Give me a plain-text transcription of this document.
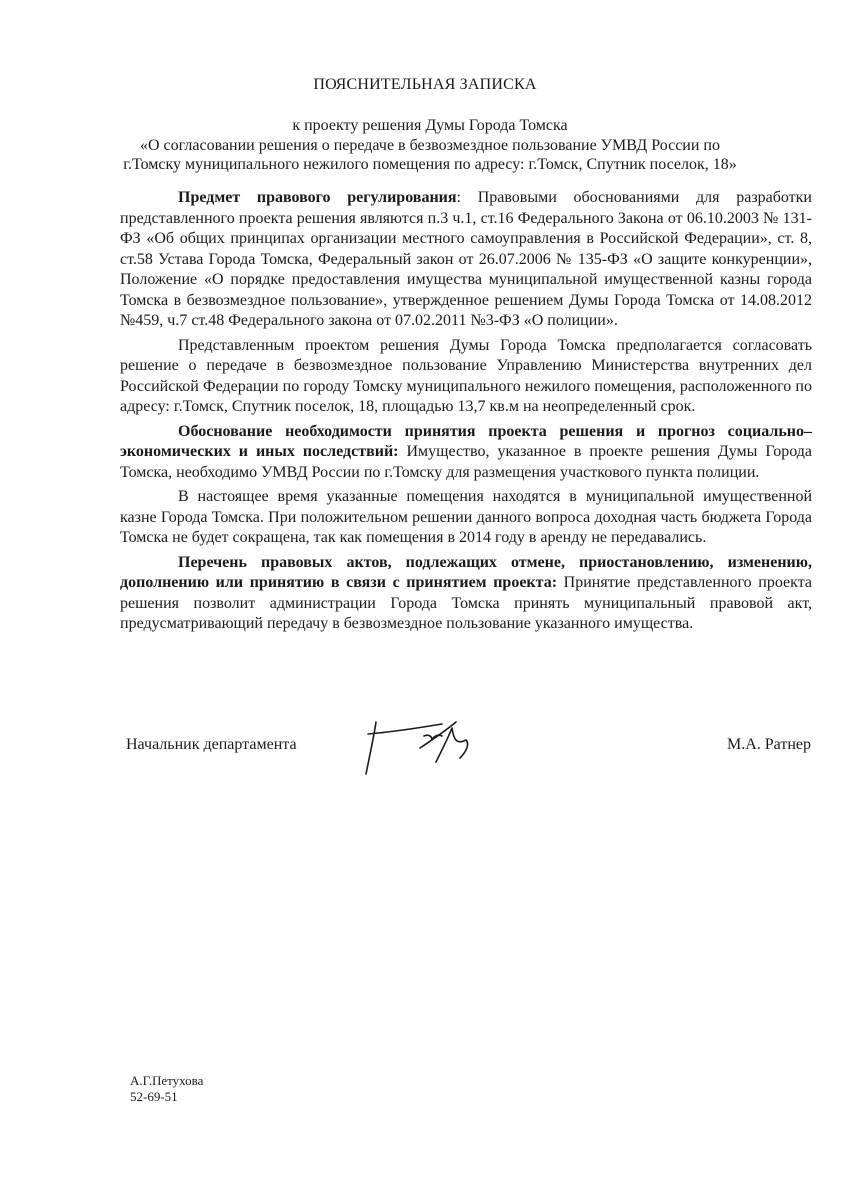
ПОЯСНИТЕЛЬНАЯ ЗАПИСКА
к проекту решения Думы Города Томска
«О согласовании решения о передаче в безвозмездное пользование УМВД России по г.Томску муниципального нежилого помещения по адресу: г.Томск, Спутник поселок, 18»

Предмет правового регулирования: Правовыми обоснованиями для разработки представленного проекта решения являются п.3 ч.1, ст.16 Федерального Закона от 06.10.2003 № 131-ФЗ «Об общих принципах организации местного самоуправления в Российской Федерации», ст. 8, ст.58 Устава Города Томска, Федеральный закон от 26.07.2006 № 135-ФЗ «О защите конкуренции», Положение «О порядке предоставления имущества муниципальной имущественной казны города Томска в безвозмездное пользование», утвержденное решением Думы Города Томска от 14.08.2012 №459, ч.7 ст.48 Федерального закона от 07.02.2011 №3-ФЗ «О полиции».

Представленным проектом решения Думы Города Томска предполагается согласовать решение о передаче в безвозмездное пользование Управлению Министерства внутренних дел Российской Федерации по городу Томску муниципального нежилого помещения, расположенного по адресу: г.Томск, Спутник поселок, 18, площадью 13,7 кв.м на неопределенный срок.

Обоснование необходимости принятия проекта решения и прогноз социально–экономических и иных последствий: Имущество, указанное в проекте решения Думы Города Томска, необходимо УМВД России по г.Томску для размещения участкового пункта полиции.

В настоящее время указанные помещения находятся в муниципальной имущественной казне Города Томска. При положительном решении данного вопроса доходная часть бюджета Города Томска не будет сокращена, так как помещения в 2014 году в аренду не передавались.

Перечень правовых актов, подлежащих отмене, приостановлению, изменению, дополнению или принятию в связи с принятием проекта: Принятие представленного проекта решения позволит администрации Города Томска принять муниципальный правовой акт, предусматривающий передачу в безвозмездное пользование указанного имущества.

Начальник департамента	М.А. Ратнер
А.Г.Петухова
52-69-51
